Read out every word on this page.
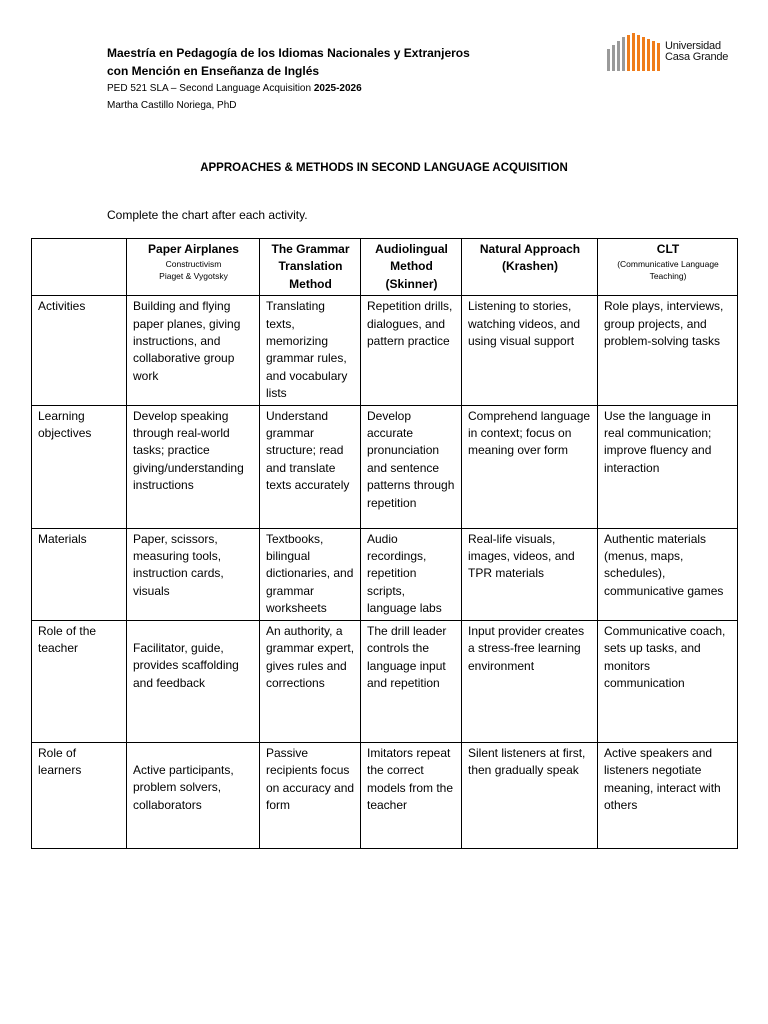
Maestría en Pedagogía de los Idiomas Nacionales y Extranjeros
con Mención en Enseñanza de Inglés
PED 521 SLA – Second Language Acquisition 2025-2026
Martha Castillo Noriega, PhD
Universidad
Casa Grande
APPROACHES & METHODS IN SECOND LANGUAGE ACQUISITION
Complete the chart after each activity.
	Paper Airplanes
Constructivism
Piaget & Vygotsky	The Grammar Translation Method	Audiolingual Method (Skinner)	Natural Approach (Krashen)	CLT
(Communicative Language Teaching)

Activities	Building and flying paper planes, giving instructions, and collaborative group work	Translating texts, memorizing grammar rules, and vocabulary lists	Repetition drills, dialogues, and pattern practice	Listening to stories, watching videos, and using visual support	Role plays, interviews, group projects, and problem-solving tasks
Learning objectives	Develop speaking through real-world tasks; practice giving/understanding instructions	Understand grammar structure; read and translate texts accurately	Develop accurate pronunciation and sentence patterns through repetition	Comprehend language in context; focus on meaning over form	Use the language in real communication; improve fluency and interaction
Materials	Paper, scissors, measuring tools, instruction cards, visuals	Textbooks, bilingual dictionaries, and grammar worksheets	Audio recordings, repetition scripts, language labs	Real-life visuals, images, videos, and TPR materials	Authentic materials (menus, maps, schedules), communicative games
Role of the teacher	Facilitator, guide, provides scaffolding and feedback	An authority, a grammar expert, gives rules and corrections	The drill leader controls the language input and repetition	Input provider creates a stress-free learning environment	Communicative coach, sets up tasks, and monitors communication
Role of learners	Active participants, problem solvers, collaborators	Passive recipients focus on accuracy and form	Imitators repeat the correct models from the teacher	Silent listeners at first, then gradually speak	Active speakers and listeners negotiate meaning, interact with others
